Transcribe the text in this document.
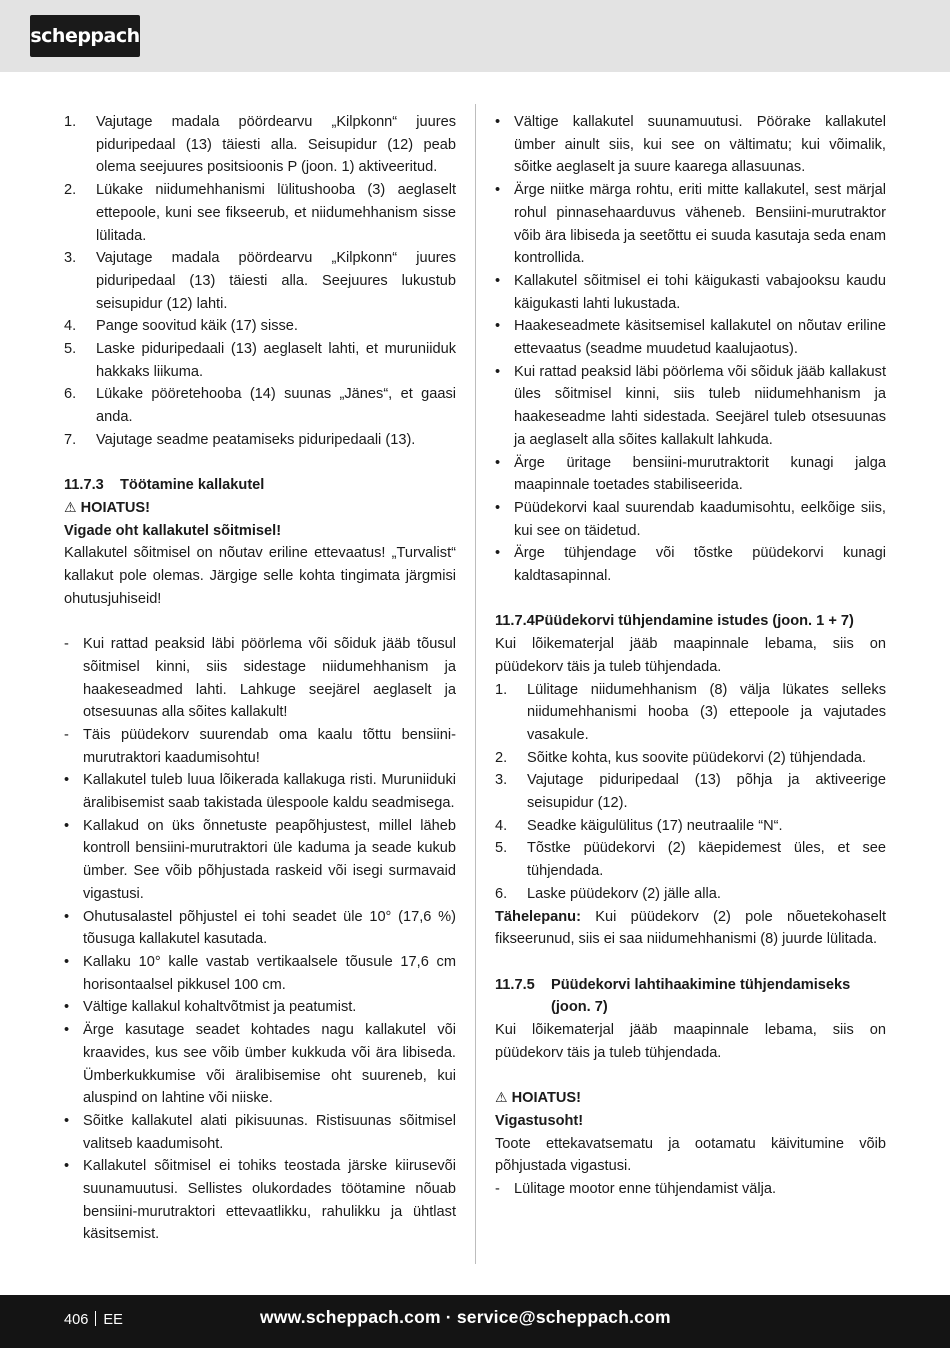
scheppach
1.	Vajutage madala pöördearvu „Kilpkonn“ juures piduripedaal (13) täiesti alla. Seisupidur (12) peab olema seejuures positsioonis P (joon. 1) aktiveeritud.
2.	Lükake niidumehhanismi lülitushooba (3) aeglaselt ettepoole, kuni see fikseerub, et niidumehhanism sisse lülitada.
3.	Vajutage madala pöördearvu „Kilpkonn“ juures piduripedaal (13) täiesti alla. Seejuures lukustub seisupidur (12) lahti.
4.	Pange soovitud käik (17) sisse.
5.	Laske piduripedaali (13) aeglaselt lahti, et muruniiduk hakkaks liikuma.
6.	Lükake pööretehooba (14) suunas „Jänes“, et gaasi anda.
7.	Vajutage seadme peatamiseks piduripedaali (13).
11.7.3	Töötamine kallakutel
⚠ HOIATUS!
Vigade oht kallakutel sõitmisel!

Kallakutel sõitmisel on nõutav eriline ettevaatus! „Turvalist“ kallakut pole olemas. Järgige selle kohta tingimata järgmisi ohutusjuhiseid!

- Kui rattad peaksid läbi pöörlema või sõiduk jääb tõusul sõitmisel kinni, siis sidestage niidumehhanism ja haakeseadmed lahti. Lahkuge seejärel aeglaselt ja otsesuunas alla sõites kallakult!
- Täis püüdekorv suurendab oma kaalu tõttu bensiini-murutraktori kaadumisohtu!
• Kallakutel tuleb luua lõikerada kallakuga risti. Muruniiduki äralibisemist saab takistada ülespoole kaldu seadmisega.
• Kallakud on üks õnnetuste peapõhjustest, millel läheb kontroll bensiini-murutraktori üle kaduma ja seade kukub ümber. See võib põhjustada raskeid või isegi surmavaid vigastusi.
• Ohutusalastel põhjustel ei tohi seadet üle 10° (17,6 %) tõusuga kallakutel kasutada.
• Kallaku 10° kalle vastab vertikaalsele tõusule 17,6 cm horisontaalsel pikkusel 100 cm.
• Vältige kallakul kohaltvõtmist ja peatumist.
• Ärge kasutage seadet kohtades nagu kallakutel või kraavides, kus see võib ümber kukkuda või ära libiseda. Ümberkukkumise või äralibisemise oht suureneb, kui aluspind on lahtine või niiske.
• Sõitke kallakutel alati pikisuunas. Ristisuunas sõitmisel valitseb kaadumisoht.
• Kallakutel sõitmisel ei tohiks teostada järske kiirusevõi suunamuutusi. Sellistes olukordades töötamine nõuab bensiini-murutraktori ettevaatlikku, rahulikku ja ühtlast käsitsemist.
• Vältige kallakutel suunamuutusi. Pöörake kallakutel ümber ainult siis, kui see on vältimatu; kui võimalik, sõitke aeglaselt ja suure kaarega allasuunas.
• Ärge niitke märga rohtu, eriti mitte kallakutel, sest märjal rohul pinnasehaarduvus väheneb. Bensiini-murutraktor võib ära libiseda ja seetõttu ei suuda kasutaja seda enam kontrollida.
• Kallakutel sõitmisel ei tohi käigukasti vabajooksu kaudu käigukasti lahti lukustada.
• Haakeseadmete käsitsemisel kallakutel on nõutav eriline ettevaatus (seadme muudetud kaalujaotus).
• Kui rattad peaksid läbi pöörlema või sõiduk jääb kallakust üles sõitmisel kinni, siis tuleb niidumehhanism ja haakeseadme lahti sidestada. Seejärel tuleb otsesuunas ja aeglaselt alla sõites kallakult lahkuda.
• Ärge üritage bensiini-murutraktorit kunagi jalga maapinnale toetades stabiliseerida.
• Püüdekorvi kaal suurendab kaadumisohtu, eelkõige siis, kui see on täidetud.
• Ärge tühjendage või tõstke püüdekorvi kunagi kaldtasapinnal.
11.7.4 Püüdekorvi tühjendamine istudes (joon. 1 + 7)

Kui lõikematerjal jääb maapinnale lebama, siis on püüdekorv täis ja tuleb tühjendada.

1.	Lülitage niidumehhanism (8) välja lükates selleks niidumehhanismi hooba (3) ettepoole ja vajutades vasakule.
2.	Sõitke kohta, kus soovite püüdekorvi (2) tühjendada.
3.	Vajutage piduripedaal (13) põhja ja aktiveerige seisupidur (12).
4.	Seadke käigulülitus (17) neutraalile “N“.
5.	Tõstke püüdekorvi (2) käepidemest üles, et see tühjendada.
6.	Laske püüdekorv (2) jälle alla.

Tähelepanu: Kui püüdekorv (2) pole nõuetekohaselt fikseerunud, siis ei saa niidumehhanismi (8) juurde lülitada.

11.7.5	Püüdekorvi lahtihaakimine tühjendamiseks (joon. 7)

Kui lõikematerjal jääb maapinnale lebama, siis on püüdekorv täis ja tuleb tühjendada.

⚠ HOIATUS!
Vigastusoht!

Toote ettekavatsematu ja ootamatu käivitumine võib põhjustada vigastusi.

- Lülitage mootor enne tühjendamist välja.
406 EE	www.scheppach.com · service@scheppach.com
